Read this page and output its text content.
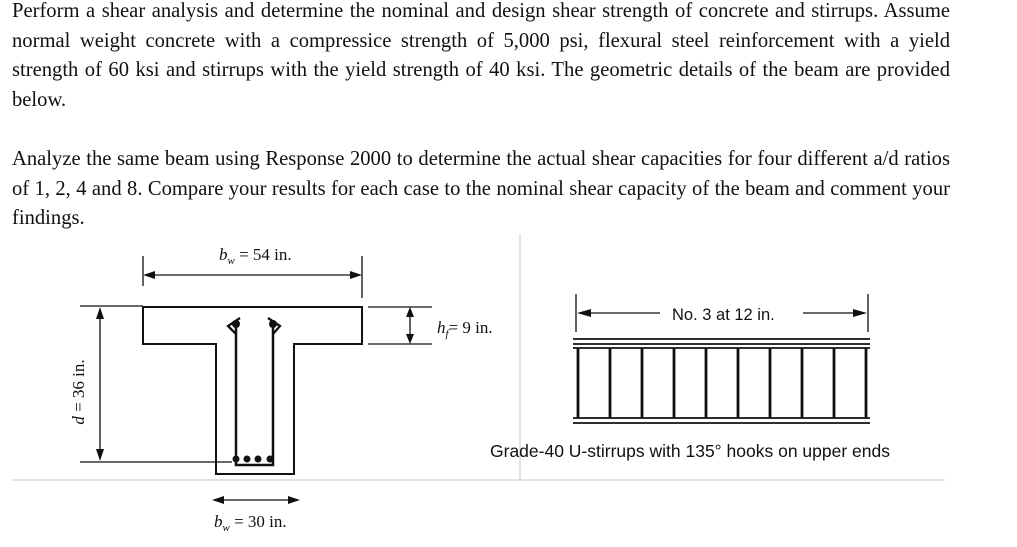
Perform a shear analysis and determine the nominal and design shear strength of concrete and stirrups. Assume normal weight concrete with a compressice strength of 5,000 psi, flexural steel reinforcement with a yield strength of 60 ksi and stirrups with the yield strength of 40 ksi. The geometric details of the beam are provided below.

Analyze the same beam using Response 2000 to determine the actual shear capacities for four different a/d ratios of 1, 2, 4 and 8. Compare your results for each case to the nominal shear capacity of the beam and comment your findings.

$b_w = 54$ in.
d = 36 in.
$h_f= 9$ in.
$b_w = 30$ in.
No. 3 at 12 in.
Grade-40 U-stirrups with 135° hooks on upper ends
